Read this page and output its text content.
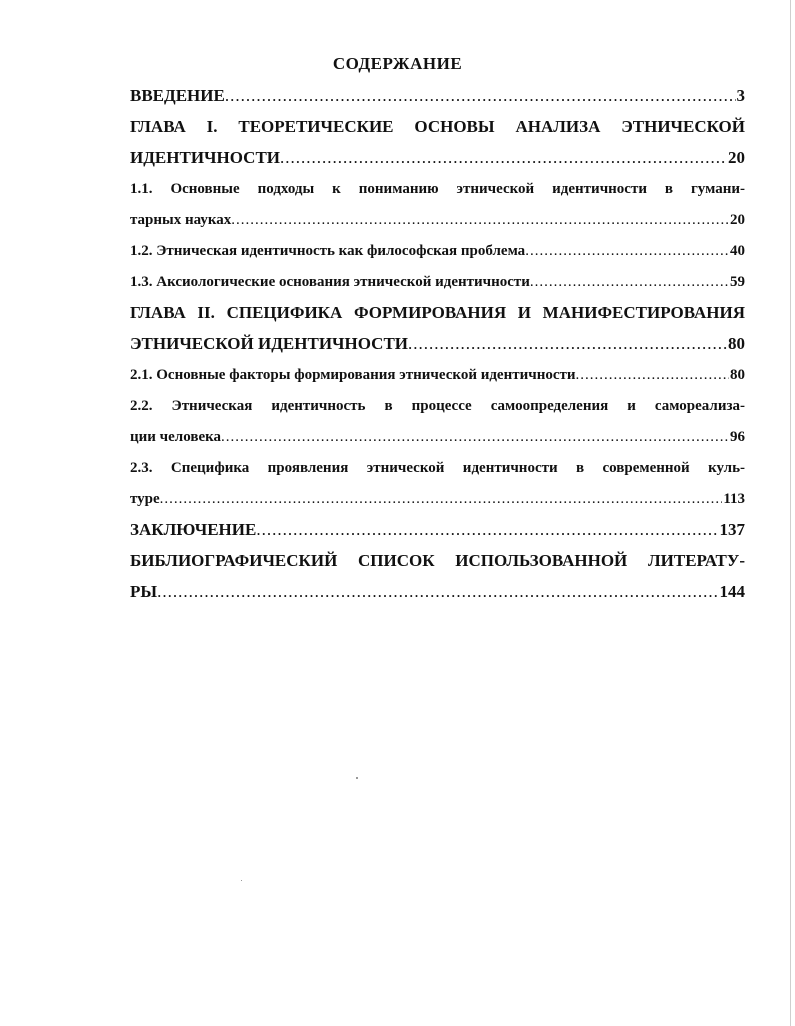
СОДЕРЖАНИЕ
ВВЕДЕНИЕ .....	3
ГЛАВА I. ТЕОРЕТИЧЕСКИЕ ОСНОВЫ АНАЛИЗА ЭТНИЧЕСКОЙ
ИДЕНТИЧНОСТИ .....	20
1.1. Основные подходы к пониманию этнической идентичности в гумани-
тарных науках .....	20
1.2. Этническая идентичность как философская проблема .....	40
1.3. Аксиологические основания этнической идентичности .....	59
ГЛАВА II. СПЕЦИФИКА ФОРМИРОВАНИЯ И МАНИФЕСТИРОВАНИЯ
ЭТНИЧЕСКОЙ ИДЕНТИЧНОСТИ .....	80
2.1. Основные факторы формирования этнической идентичности .....	80
2.2. Этническая идентичность в процессе самоопределения и самореализа-
ции человека .....	96
2.3. Специфика проявления этнической идентичности в современной куль-
туре .....	113
ЗАКЛЮЧЕНИЕ .....	137
БИБЛИОГРАФИЧЕСКИЙ СПИСОК ИСПОЛЬЗОВАННОЙ ЛИТЕРАТУ-
РЫ .....	144
